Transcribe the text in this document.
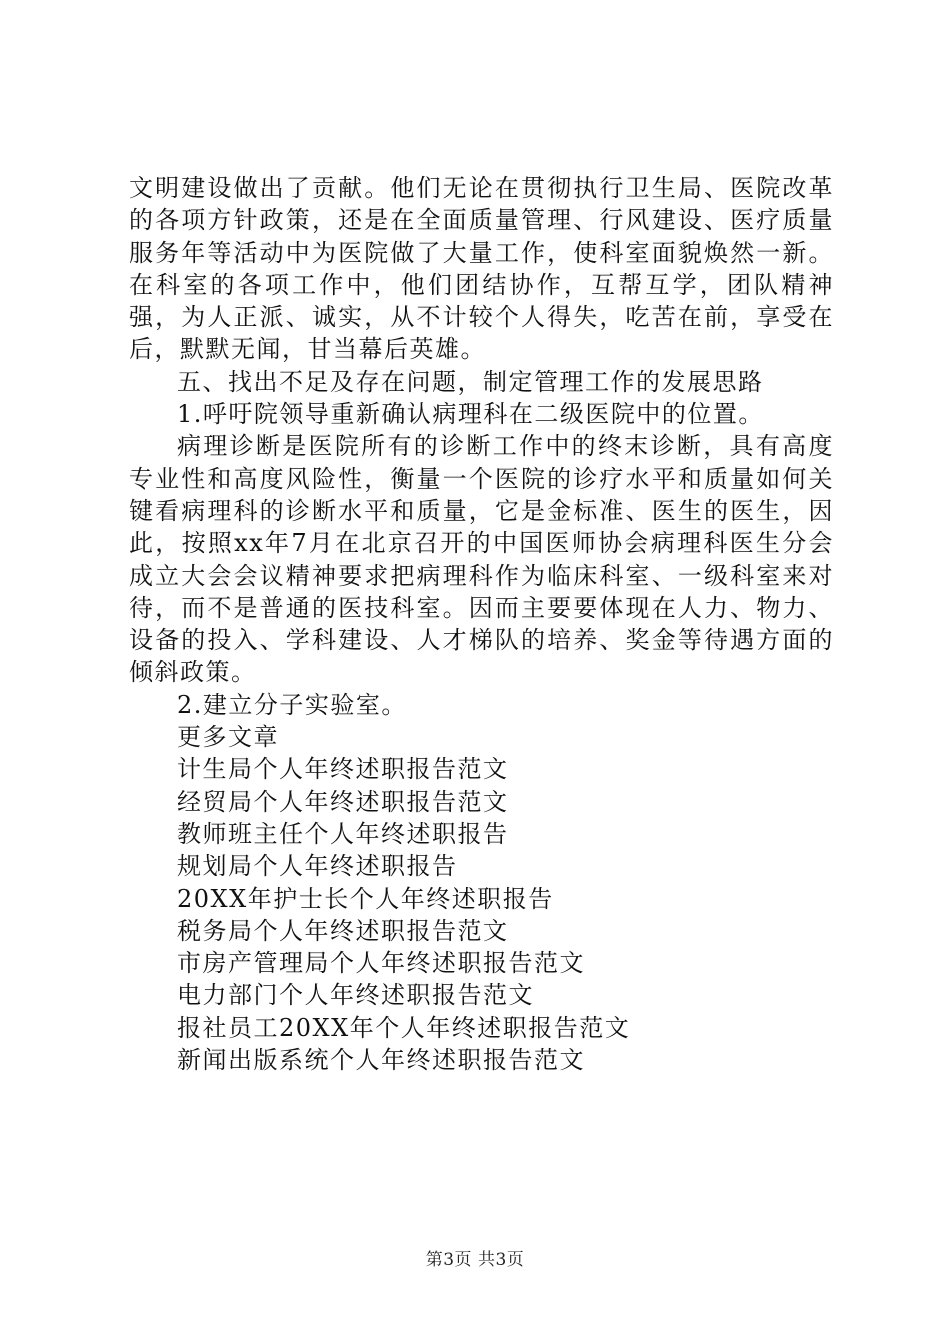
文明建设做出了贡献。他们无论在贯彻执行卫生局、医院改革的各项方针政策，还是在全面质量管理、行风建设、医疗质量服务年等活动中为医院做了大量工作，使科室面貌焕然一新。在科室的各项工作中，他们团结协作，互帮互学，团队精神强，为人正派、诚实，从不计较个人得失，吃苦在前，享受在后，默默无闻，甘当幕后英雄。

五、找出不足及存在问题，制定管理工作的发展思路

1.呼吁院领导重新确认病理科在二级医院中的位置。

病理诊断是医院所有的诊断工作中的终末诊断，具有高度专业性和高度风险性，衡量一个医院的诊疗水平和质量如何关键看病理科的诊断水平和质量，它是金标准、医生的医生，因此，按照xx年7月在北京召开的中国医师协会病理科医生分会成立大会会议精神要求把病理科作为临床科室、一级科室来对待，而不是普通的医技科室。因而主要要体现在人力、物力、设备的投入、学科建设、人才梯队的培养、奖金等待遇方面的倾斜政策。

2.建立分子实验室。

更多文章
计生局个人年终述职报告范文
经贸局个人年终述职报告范文
教师班主任个人年终述职报告
规划局个人年终述职报告
20XX年护士长个人年终述职报告
税务局个人年终述职报告范文
市房产管理局个人年终述职报告范文
电力部门个人年终述职报告范文
报社员工20XX年个人年终述职报告范文
新闻出版系统个人年终述职报告范文
第3页 共3页
